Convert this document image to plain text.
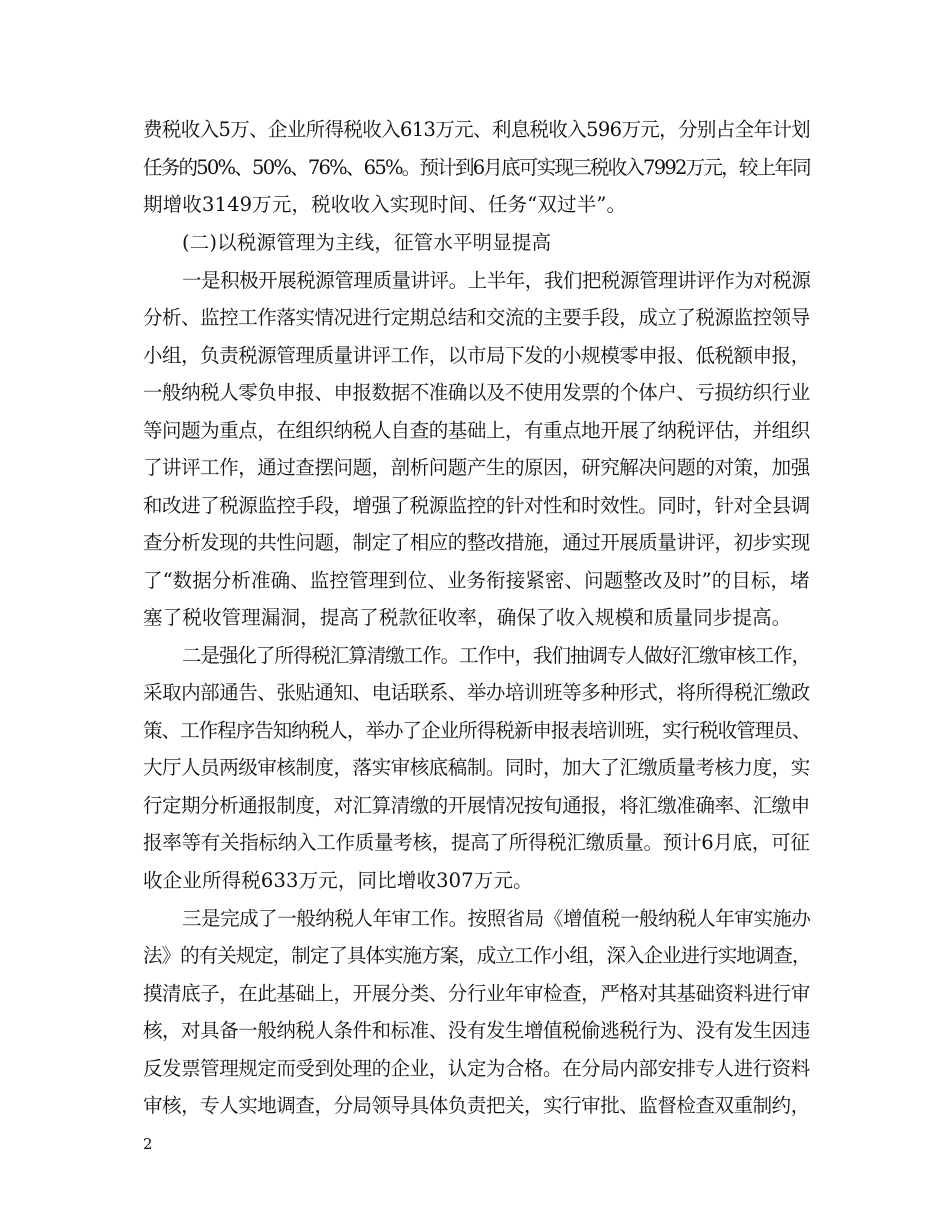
费税收入5万、企业所得税收入613万元、利息税收入596万元，分别占全年计划
任务的50%、50%、76%、65%。预计到6月底可实现三税收入7992万元，较上年同
期增收3149万元，税收收入实现时间、任务“双过半”。
(二)以税源管理为主线，征管水平明显提高
一是积极开展税源管理质量讲评。上半年，我们把税源管理讲评作为对税源
分析、监控工作落实情况进行定期总结和交流的主要手段，成立了税源监控领导
小组，负责税源管理质量讲评工作，以市局下发的小规模零申报、低税额申报，
一般纳税人零负申报、申报数据不准确以及不使用发票的个体户、亏损纺织行业
等问题为重点，在组织纳税人自查的基础上，有重点地开展了纳税评估，并组织
了讲评工作，通过查摆问题，剖析问题产生的原因，研究解决问题的对策，加强
和改进了税源监控手段，增强了税源监控的针对性和时效性。同时，针对全县调
查分析发现的共性问题，制定了相应的整改措施，通过开展质量讲评，初步实现
了“数据分析准确、监控管理到位、业务衔接紧密、问题整改及时”的目标，堵
塞了税收管理漏洞，提高了税款征收率，确保了收入规模和质量同步提高。
二是强化了所得税汇算清缴工作。工作中，我们抽调专人做好汇缴审核工作，
采取内部通告、张贴通知、电话联系、举办培训班等多种形式，将所得税汇缴政
策、工作程序告知纳税人，举办了企业所得税新申报表培训班，实行税收管理员、
大厅人员两级审核制度，落实审核底稿制。同时，加大了汇缴质量考核力度，实
行定期分析通报制度，对汇算清缴的开展情况按旬通报，将汇缴准确率、汇缴申
报率等有关指标纳入工作质量考核，提高了所得税汇缴质量。预计6月底，可征
收企业所得税633万元，同比增收307万元。
三是完成了一般纳税人年审工作。按照省局《增值税一般纳税人年审实施办
法》的有关规定，制定了具体实施方案，成立工作小组，深入企业进行实地调查，
摸清底子，在此基础上，开展分类、分行业年审检查，严格对其基础资料进行审
核，对具备一般纳税人条件和标准、没有发生增值税偷逃税行为、没有发生因违
反发票管理规定而受到处理的企业，认定为合格。在分局内部安排专人进行资料
审核，专人实地调查，分局领导具体负责把关，实行审批、监督检查双重制约，
2
